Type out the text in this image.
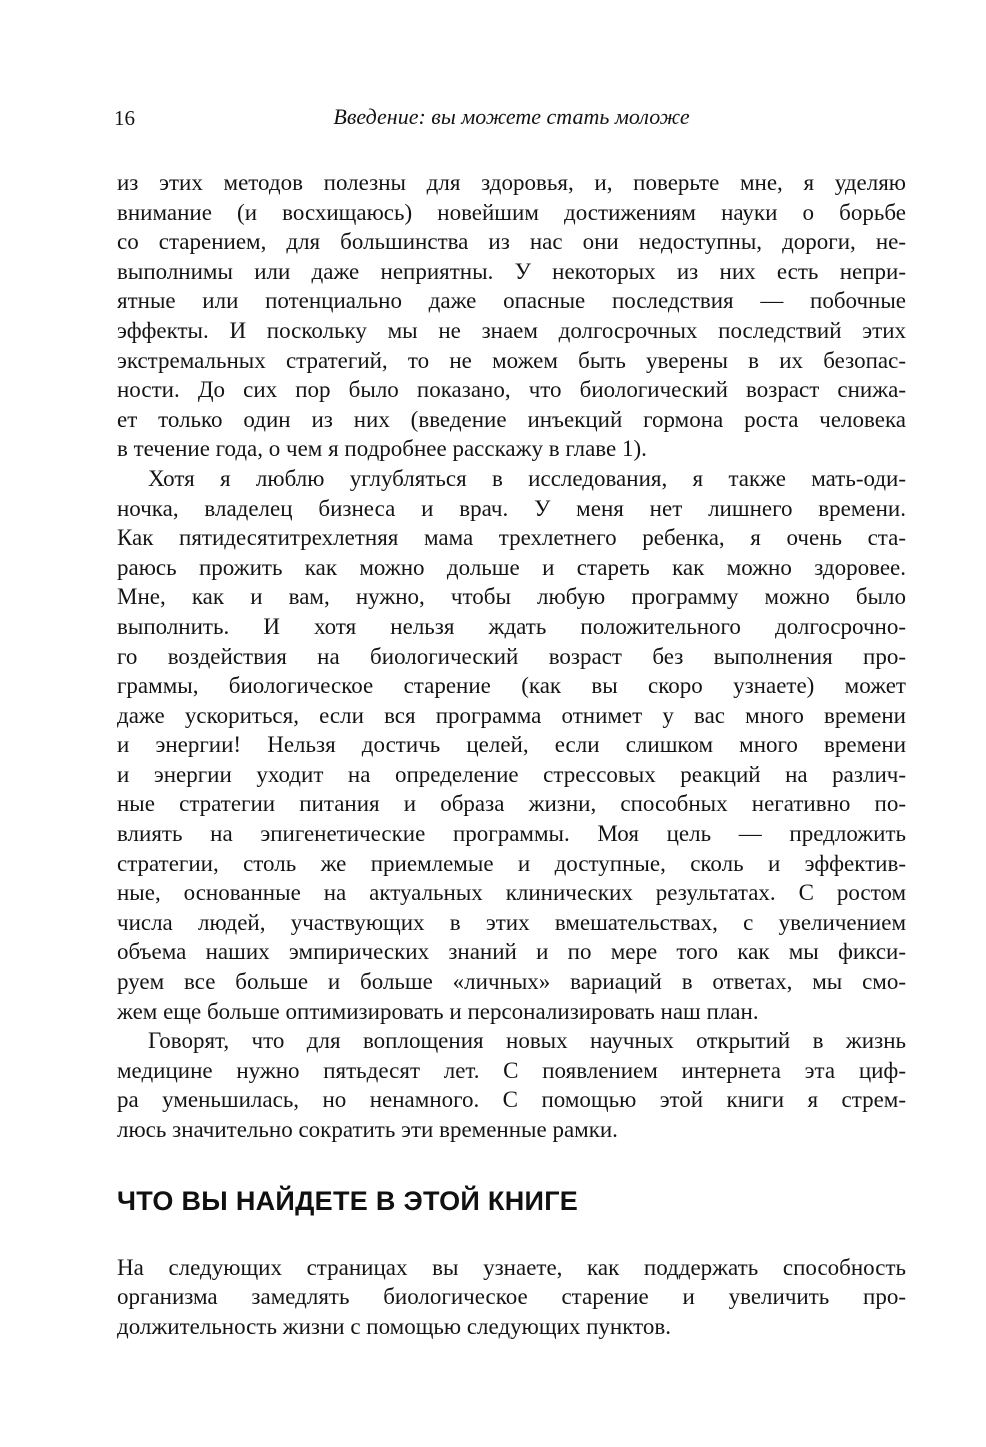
16	Введение: вы можете стать моложе

из этих методов полезны для здоровья, и, поверьте мне, я уделяю
внимание (и восхищаюсь) новейшим достижениям науки о борьбе
со старением, для большинства из нас они недоступны, дороги, не-
выполнимы или даже неприятны. У некоторых из них есть непри-
ятные или потенциально даже опасные последствия — побочные
эффекты. И поскольку мы не знаем долгосрочных последствий этих
экстремальных стратегий, то не можем быть уверены в их безопас-
ности. До сих пор было показано, что биологический возраст снижа-
ет только один из них (введение инъекций гормона роста человека
в течение года, о чем я подробнее расскажу в главе 1).

Хотя я люблю углубляться в исследования, я также мать-оди-
ночка, владелец бизнеса и врач. У меня нет лишнего времени.
Как пятидесятитрехлетняя мама трехлетнего ребенка, я очень ста-
раюсь прожить как можно дольше и стареть как можно здоровее.
Мне, как и вам, нужно, чтобы любую программу можно было
выполнить. И хотя нельзя ждать положительного долгосрочно-
го воздействия на биологический возраст без выполнения про-
граммы, биологическое старение (как вы скоро узнаете) может
даже ускориться, если вся программа отнимет у вас много времени
и энергии! Нельзя достичь целей, если слишком много времени
и энергии уходит на определение стрессовых реакций на различ-
ные стратегии питания и образа жизни, способных негативно по-
влиять на эпигенетические программы. Моя цель — предложить
стратегии, столь же приемлемые и доступные, сколь и эффектив-
ные, основанные на актуальных клинических результатах. С ростом
числа людей, участвующих в этих вмешательствах, с увеличением
объема наших эмпирических знаний и по мере того как мы фикси-
руем все больше и больше «личных» вариаций в ответах, мы смо-
жем еще больше оптимизировать и персонализировать наш план.

Говорят, что для воплощения новых научных открытий в жизнь
медицине нужно пятьдесят лет. С появлением интернета эта циф-
ра уменьшилась, но ненамного. С помощью этой книги я стрем-
люсь значительно сократить эти временные рамки.

ЧТО ВЫ НАЙДЕТЕ В ЭТОЙ КНИГЕ

На следующих страницах вы узнаете, как поддержать способность
организма замедлять биологическое старение и увеличить про-
должительность жизни с помощью следующих пунктов.
